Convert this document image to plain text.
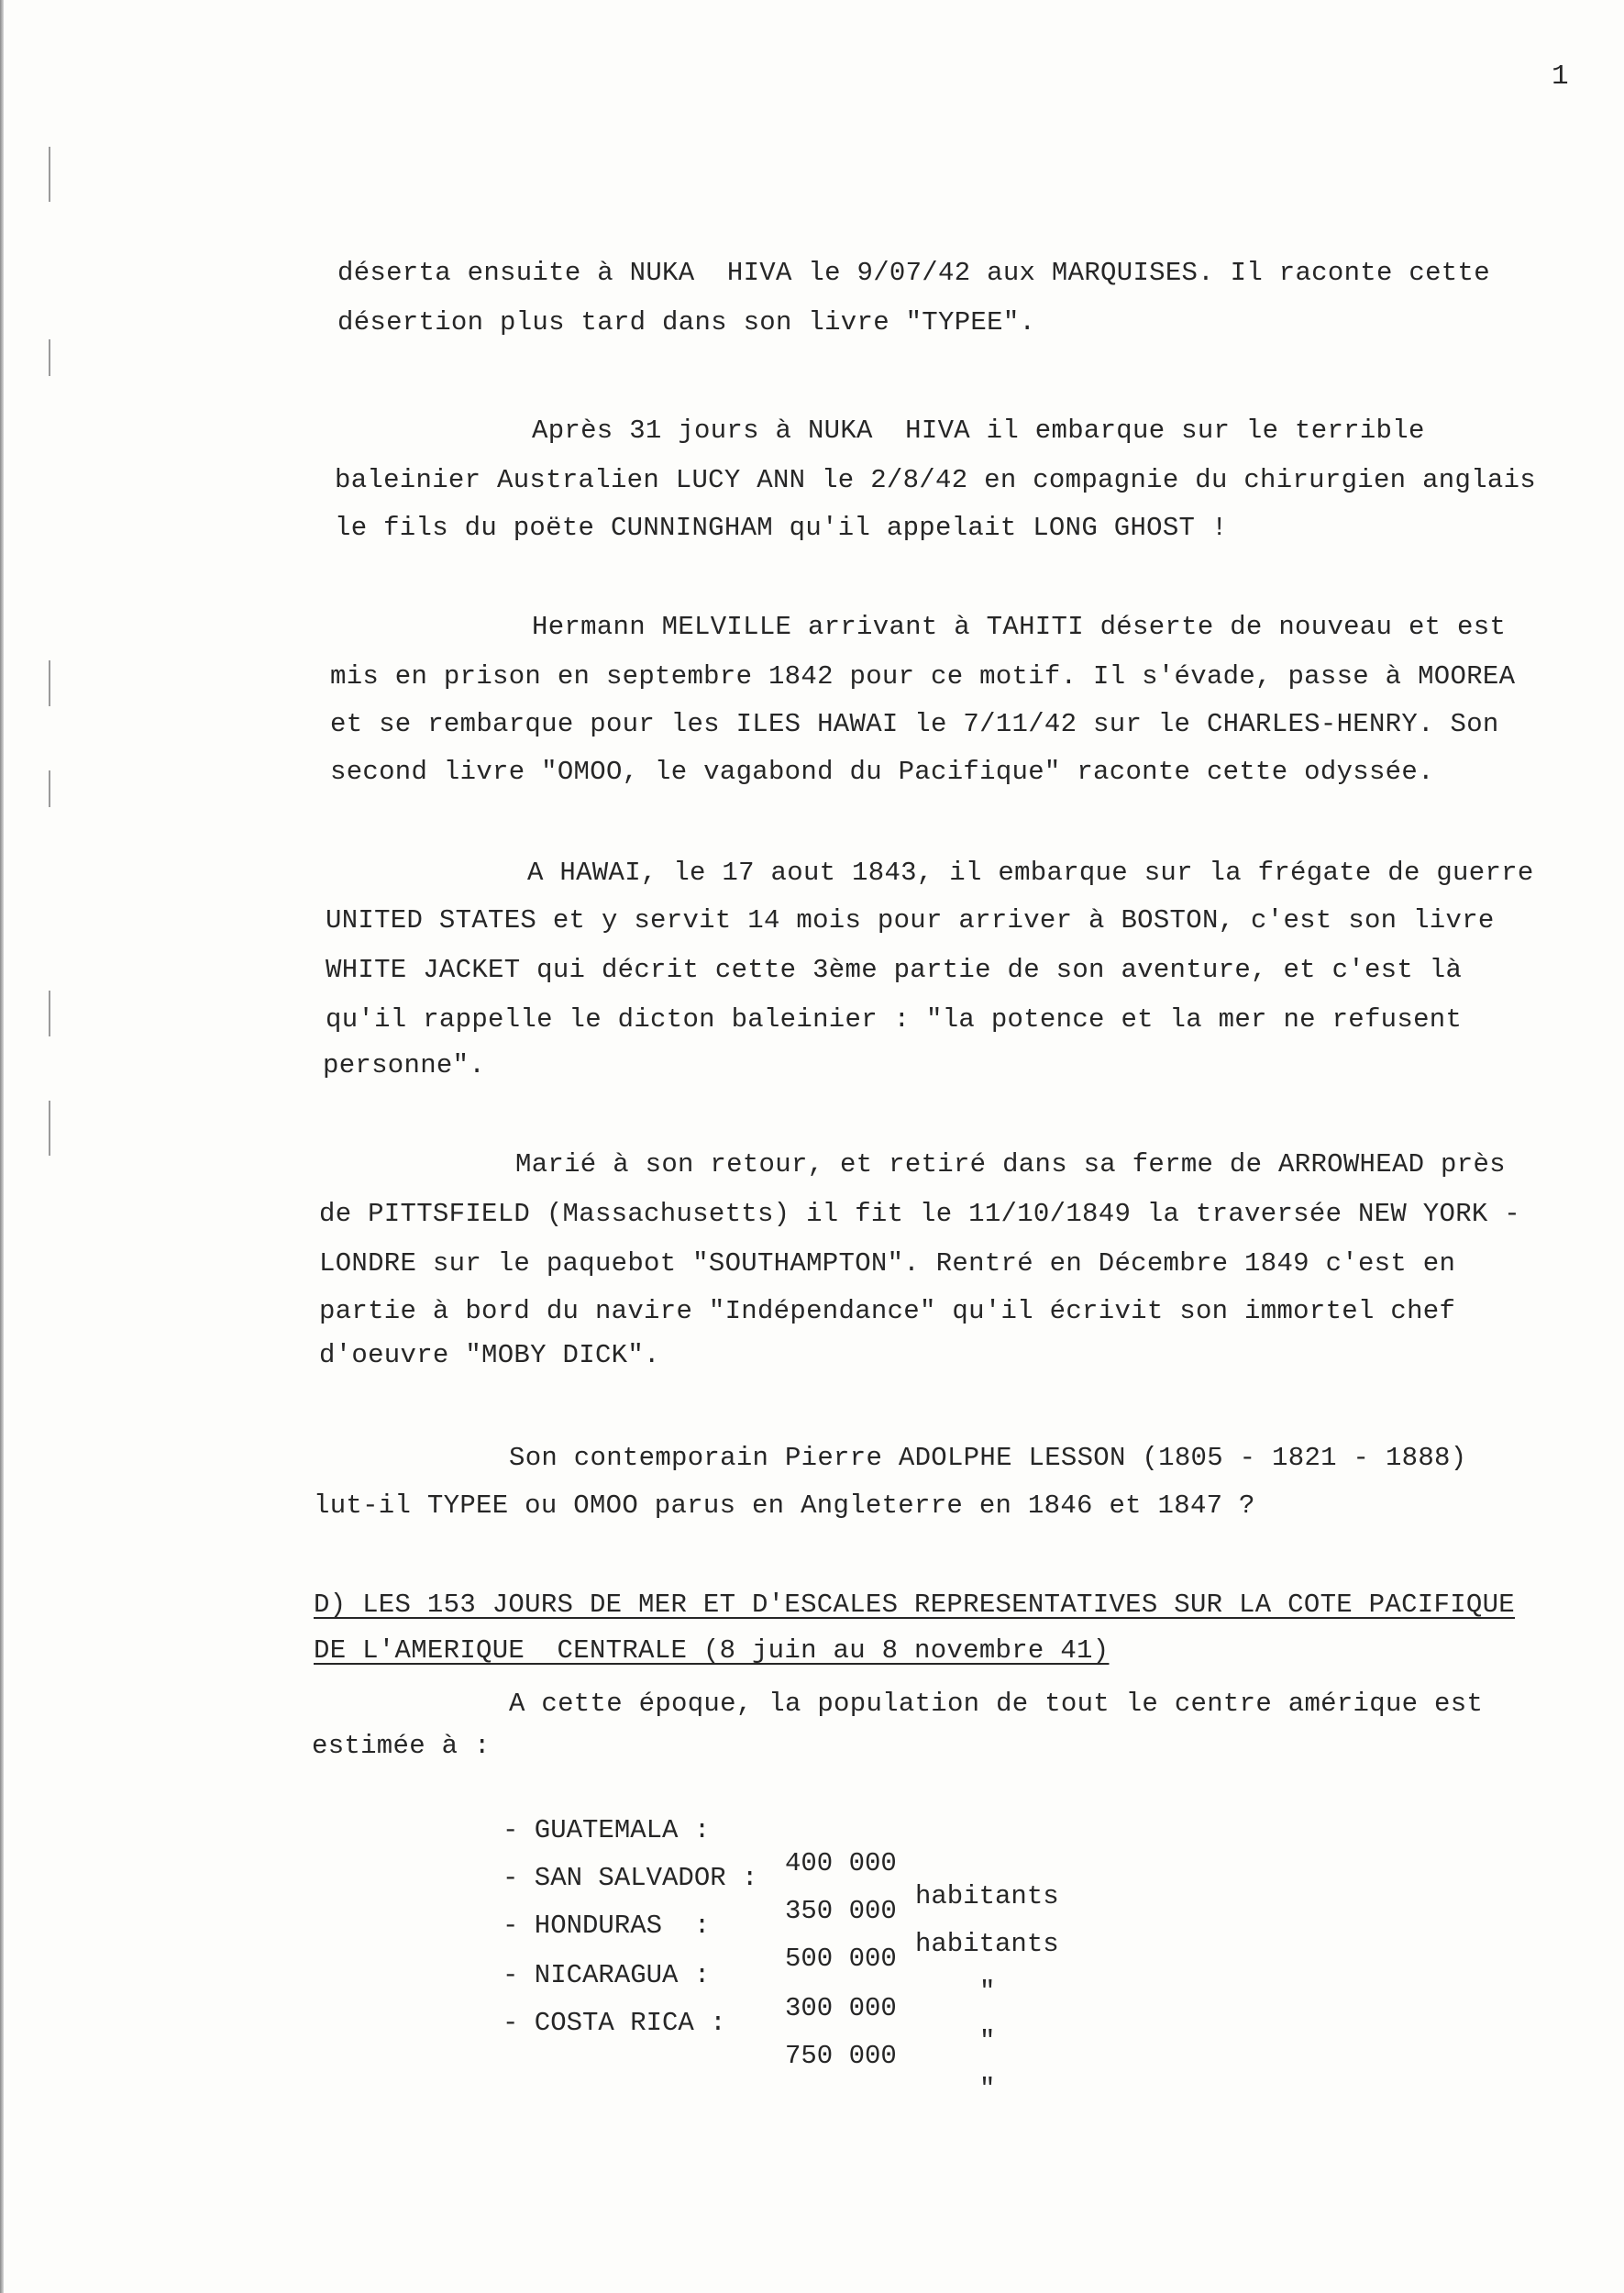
1
déserta ensuite à NUKA  HIVA le 9/07/42 aux MARQUISES. Il raconte cette
désertion plus tard dans son livre "TYPEE".
Après 31 jours à NUKA  HIVA il embarque sur le terrible
baleinier Australien LUCY ANN le 2/8/42 en compagnie du chirurgien anglais
le fils du poëte CUNNINGHAM qu'il appelait LONG GHOST !
Hermann MELVILLE arrivant à TAHITI déserte de nouveau et est
mis en prison en septembre 1842 pour ce motif. Il s'évade, passe à MOOREA
et se rembarque pour les ILES HAWAI le 7/11/42 sur le CHARLES-HENRY. Son
second livre "OMOO, le vagabond du Pacifique" raconte cette odyssée.
A HAWAI, le 17 aout 1843, il embarque sur la frégate de guerre
UNITED STATES et y servit 14 mois pour arriver à BOSTON, c'est son livre
WHITE JACKET qui décrit cette 3ème partie de son aventure, et c'est là
qu'il rappelle le dicton baleinier : "la potence et la mer ne refusent
personne".
Marié à son retour, et retiré dans sa ferme de ARROWHEAD près
de PITTSFIELD (Massachusetts) il fit le 11/10/1849 la traversée NEW YORK -
LONDRE sur le paquebot "SOUTHAMPTON". Rentré en Décembre 1849 c'est en
partie à bord du navire "Indépendance" qu'il écrivit son immortel chef
d'oeuvre "MOBY DICK".
Son contemporain Pierre ADOLPHE LESSON (1805 - 1821 - 1888)
lut-il TYPEE ou OMOO parus en Angleterre en 1846 et 1847 ?
D) LES 153 JOURS DE MER ET D'ESCALES REPRESENTATIVES SUR LA COTE PACIFIQUE
DE L'AMERIQUE  CENTRALE (8 juin au 8 novembre 41)
A cette époque, la population de tout le centre amérique est
estimée à :

- GUATEMALA :

400 000

habitants

- SAN SALVADOR :

350 000

habitants

- HONDURAS  :

500 000

"

- NICARAGUA :

300 000

"

- COSTA RICA :

750 000

"
